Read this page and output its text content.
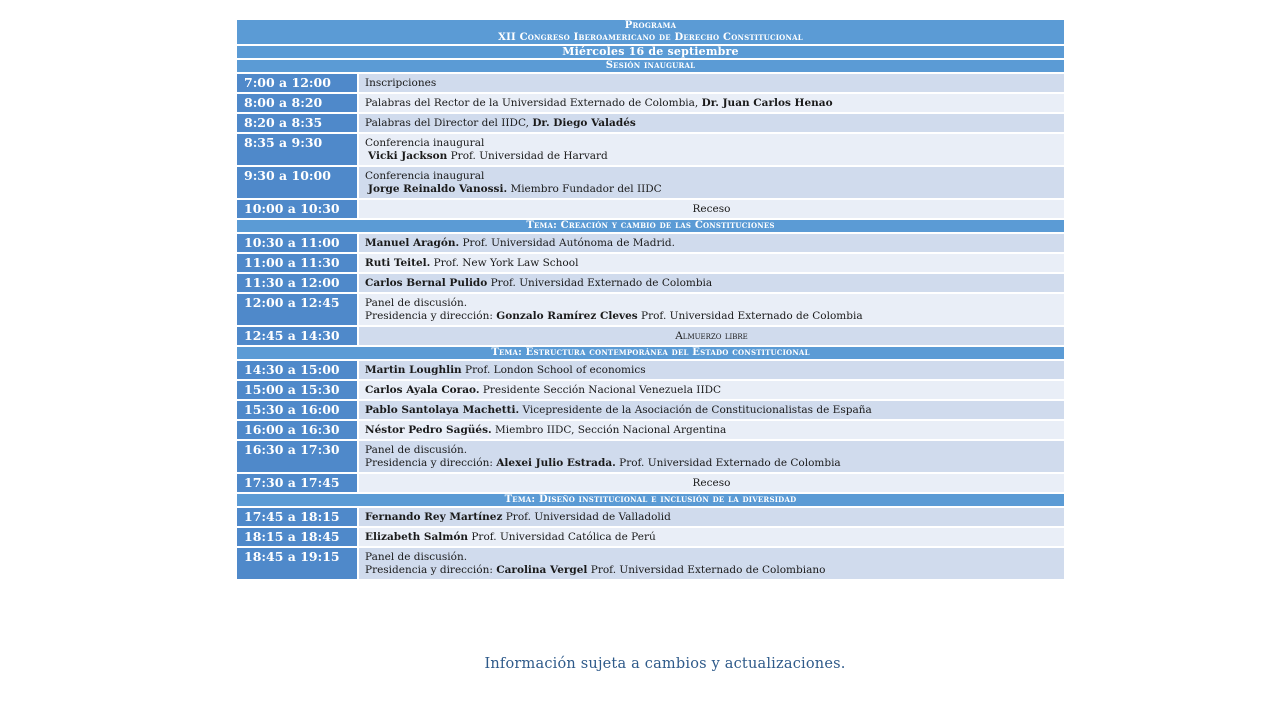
Programa
XII Congreso Iberoamericano de Derecho Constitucional	

Miércoles 16 de septiembre	
Sesión inaugural	
7:00 a 12:00	Inscripciones

8:00 a 8:20	Palabras del Rector de la Universidad Externado de Colombia, Dr. Juan Carlos Henao

8:20 a 8:35	Palabras del Director del IIDC, Dr. Diego Valadés

8:35 a 9:30	Conferencia inaugural
Vicki Jackson Prof. Universidad de Harvard

9:30 a 10:00	Conferencia inaugural
Jorge Reinaldo Vanossi. Miembro Fundador del IIDC

10:00 a 10:30	Receso
Tema: Creación y cambio de las Constituciones	
10:30 a 11:00	Manuel Aragón. Prof. Universidad Autónoma de Madrid.

11:00 a 11:30	Ruti Teitel. Prof. New York Law School

11:30 a 12:00	Carlos Bernal Pulido Prof. Universidad Externado de Colombia

12:00 a 12:45	Panel de discusión.
Presidencia y dirección: Gonzalo Ramírez Cleves Prof. Universidad Externado de Colombia

12:45 a 14:30	Almuerzo libre
Tema: Estructura contemporánea del Estado constitucional	
14:30 a 15:00	Martin Loughlin Prof. London School of economics

15:00 a 15:30	Carlos Ayala Corao. Presidente Sección Nacional Venezuela IIDC

15:30 a 16:00	Pablo Santolaya Machetti. Vicepresidente de la Asociación de Constitucionalistas de España

16:00 a 16:30	Néstor Pedro Sagüés. Miembro IIDC, Sección Nacional Argentina

16:30 a 17:30	Panel de discusión.
Presidencia y dirección: Alexei Julio Estrada. Prof. Universidad Externado de Colombia

17:30 a 17:45	Receso
Tema: Diseño institucional e inclusión de la diversidad	
17:45 a 18:15	Fernando Rey Martínez Prof. Universidad de Valladolid

18:15 a 18:45	Elizabeth Salmón Prof. Universidad Católica de Perú

18:45 a 19:15	Panel de discusión.
Presidencia y dirección: Carolina Vergel Prof. Universidad Externado de Colombiano
Información sujeta a cambios y actualizaciones.
